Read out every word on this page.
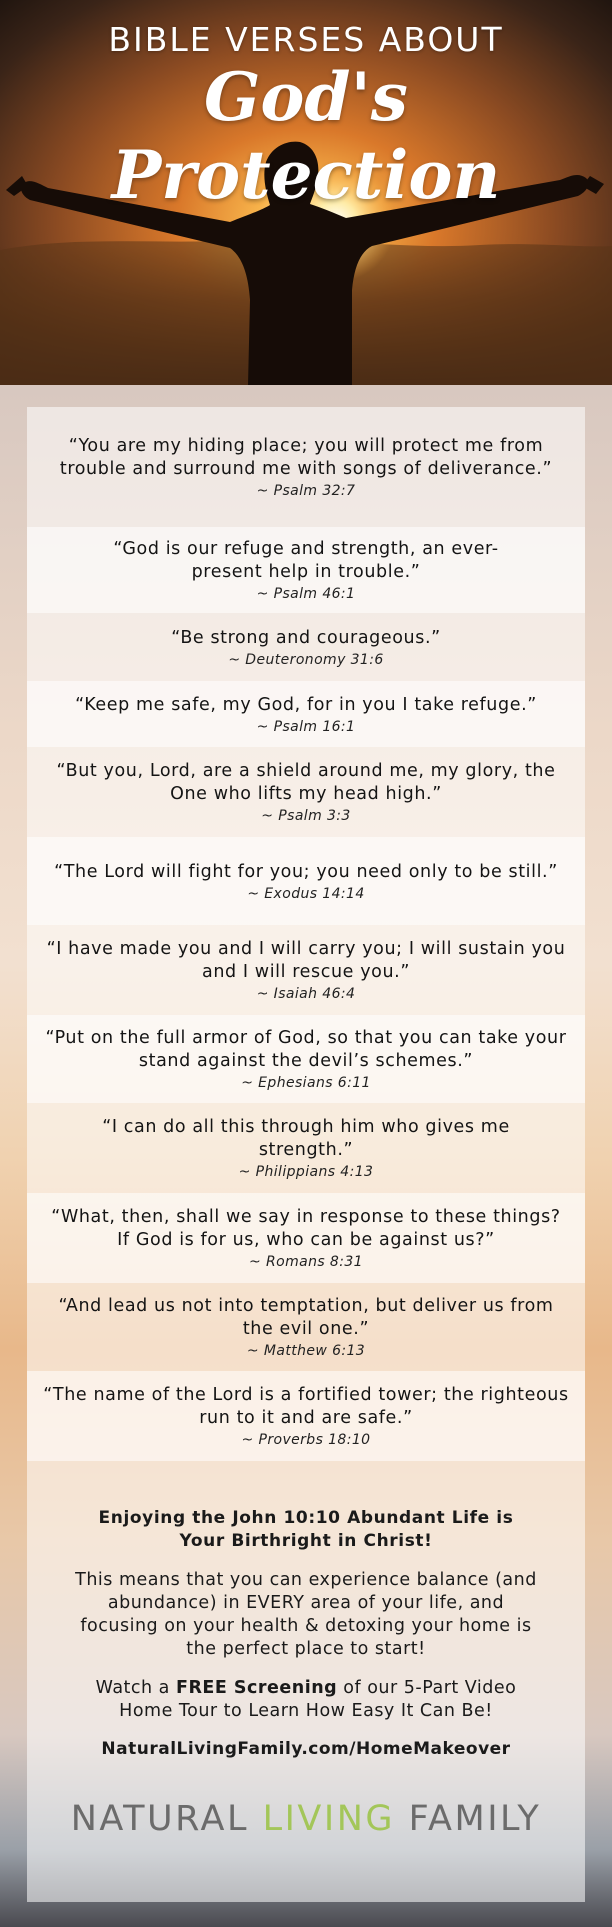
BIBLE VERSES ABOUT
God's Protection
“You are my hiding place; you will protect me from trouble and surround me with songs of deliverance.”
~ Psalm 32:7
“God is our refuge and strength, an ever-present help in trouble.”
~ Psalm 46:1
“Be strong and courageous.”
~ Deuteronomy 31:6
“Keep me safe, my God, for in you I take refuge.”
~ Psalm 16:1
“But you, Lord, are a shield around me, my glory, the One who lifts my head high.”
~ Psalm 3:3
“The Lord will fight for you; you need only to be still.”
~ Exodus 14:14
“I have made you and I will carry you; I will sustain you and I will rescue you.”
~ Isaiah 46:4
“Put on the full armor of God, so that you can take your stand against the devil’s schemes.”
~ Ephesians 6:11
“I can do all this through him who gives me strength.”
~ Philippians 4:13
“What, then, shall we say in response to these things? If God is for us, who can be against us?”
~ Romans 8:31
“And lead us not into temptation, but deliver us from the evil one.”
~ Matthew 6:13
“The name of the Lord is a fortified tower; the righteous run to it and are safe.”
~ Proverbs 18:10
Enjoying the John 10:10 Abundant Life is Your Birthright in Christ!
This means that you can experience balance (and abundance) in EVERY area of your life, and focusing on your health & detoxing your home is the perfect place to start!
Watch a FREE Screening of our 5-Part Video Home Tour to Learn How Easy It Can Be!
NaturalLivingFamily.com/HomeMakeover
NATURAL LIVING FAMILY
